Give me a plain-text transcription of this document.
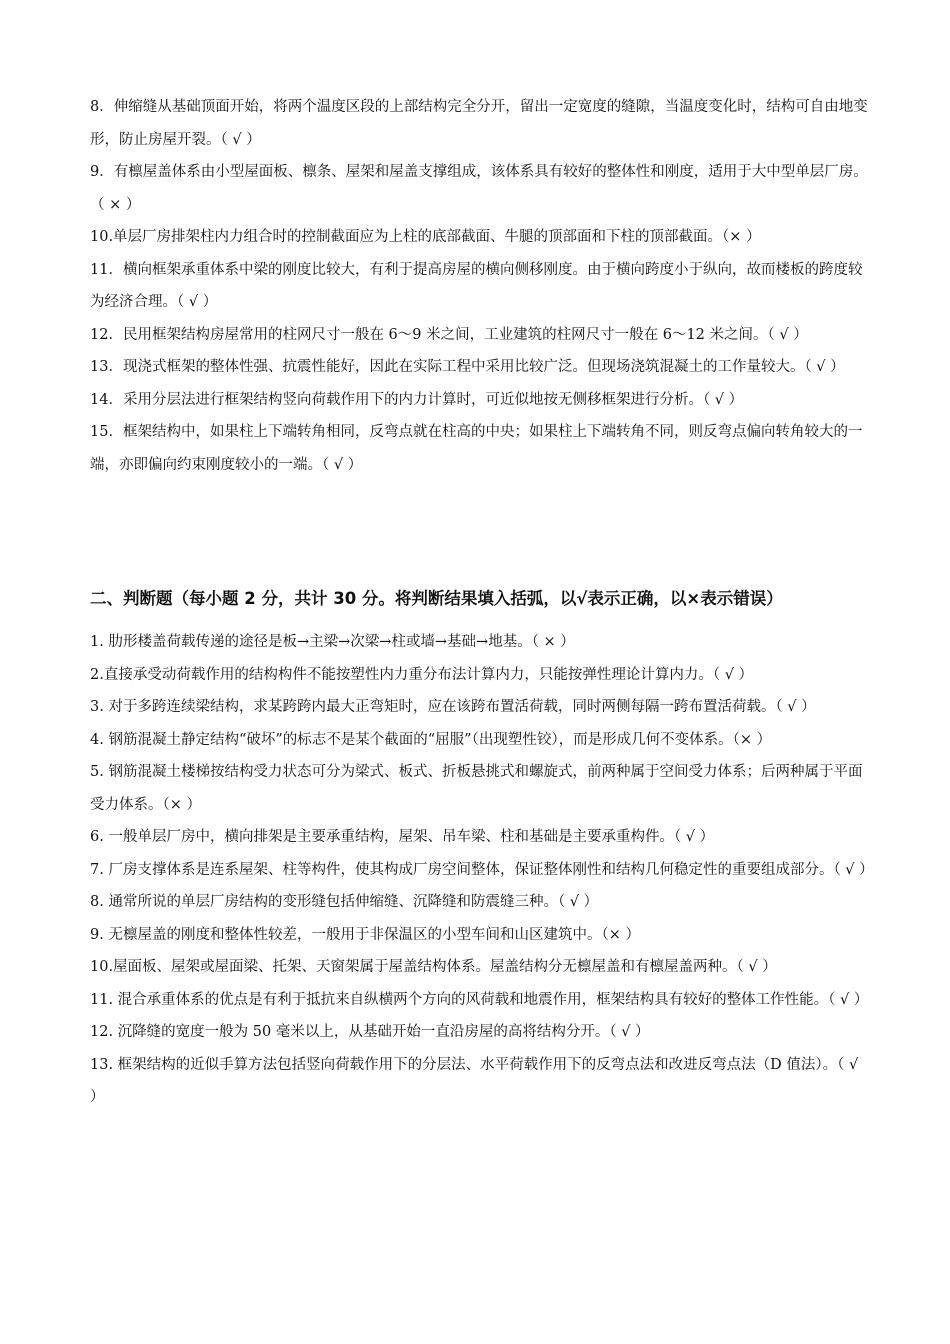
8．伸缩缝从基础顶面开始，将两个温度区段的上部结构完全分开，留出一定宽度的缝隙，当温度变化时，结构可自由地变形，防止房屋开裂。（ √ ）

9．有檩屋盖体系由小型屋面板、檩条、屋架和屋盖支撑组成，该体系具有较好的整体性和刚度，适用于大中型单层厂房。（ × ）

10.单层厂房排架柱内力组合时的控制截面应为上柱的底部截面、牛腿的顶部面和下柱的顶部截面。（× ）

11．横向框架承重体系中梁的刚度比较大，有利于提高房屋的横向侧移刚度。由于横向跨度小于纵向，故而楼板的跨度较为经济合理。（ √ ）

12．民用框架结构房屋常用的柱网尺寸一般在 6～9 米之间，工业建筑的柱网尺寸一般在 6～12 米之间。（ √ ）

13．现浇式框架的整体性强、抗震性能好，因此在实际工程中采用比较广泛。但现场浇筑混凝土的工作量较大。（ √ ）

14．采用分层法进行框架结构竖向荷载作用下的内力计算时，可近似地按无侧移框架进行分析。（ √ ）

15．框架结构中，如果柱上下端转角相同，反弯点就在柱高的中央；如果柱上下端转角不同，则反弯点偏向转角较大的一端，亦即偏向约束刚度较小的一端。（ √ ）

二、判断题（每小题 2 分，共计 30 分。将判断结果填入括弧，以√表示正确，以×表示错误）

1. 肋形楼盖荷载传递的途径是板→主梁→次梁→柱或墙→基础→地基。（ × ）

2.直接承受动荷载作用的结构构件不能按塑性内力重分布法计算内力，只能按弹性理论计算内力。（ √ ）

3. 对于多跨连续梁结构，求某跨跨内最大正弯矩时，应在该跨布置活荷载，同时两侧每隔一跨布置活荷载。（ √ ）

4. 钢筋混凝土静定结构“破坏”的标志不是某个截面的“屈服”（出现塑性铰），而是形成几何不变体系。（× ）

5. 钢筋混凝土楼梯按结构受力状态可分为梁式、板式、折板悬挑式和螺旋式，前两种属于空间受力体系；后两种属于平面受力体系。（× ）

6. 一般单层厂房中，横向排架是主要承重结构，屋架、吊车梁、柱和基础是主要承重构件。（ √ ）

7. 厂房支撑体系是连系屋架、柱等构件，使其构成厂房空间整体，保证整体刚性和结构几何稳定性的重要组成部分。（ √ ）

8. 通常所说的单层厂房结构的变形缝包括伸缩缝、沉降缝和防震缝三种。（ √ ）

9. 无檩屋盖的刚度和整体性较差，一般用于非保温区的小型车间和山区建筑中。（× ）

10.屋面板、屋架或屋面梁、托架、天窗架属于屋盖结构体系。屋盖结构分无檩屋盖和有檩屋盖两种。（ √ ）

11. 混合承重体系的优点是有利于抵抗来自纵横两个方向的风荷载和地震作用，框架结构具有较好的整体工作性能。（ √ ）

12. 沉降缝的宽度一般为 50 毫米以上，从基础开始一直沿房屋的高将结构分开。（ √ ）

13. 框架结构的近似手算方法包括竖向荷载作用下的分层法、水平荷载作用下的反弯点法和改进反弯点法（D 值法）。（ √ ）
